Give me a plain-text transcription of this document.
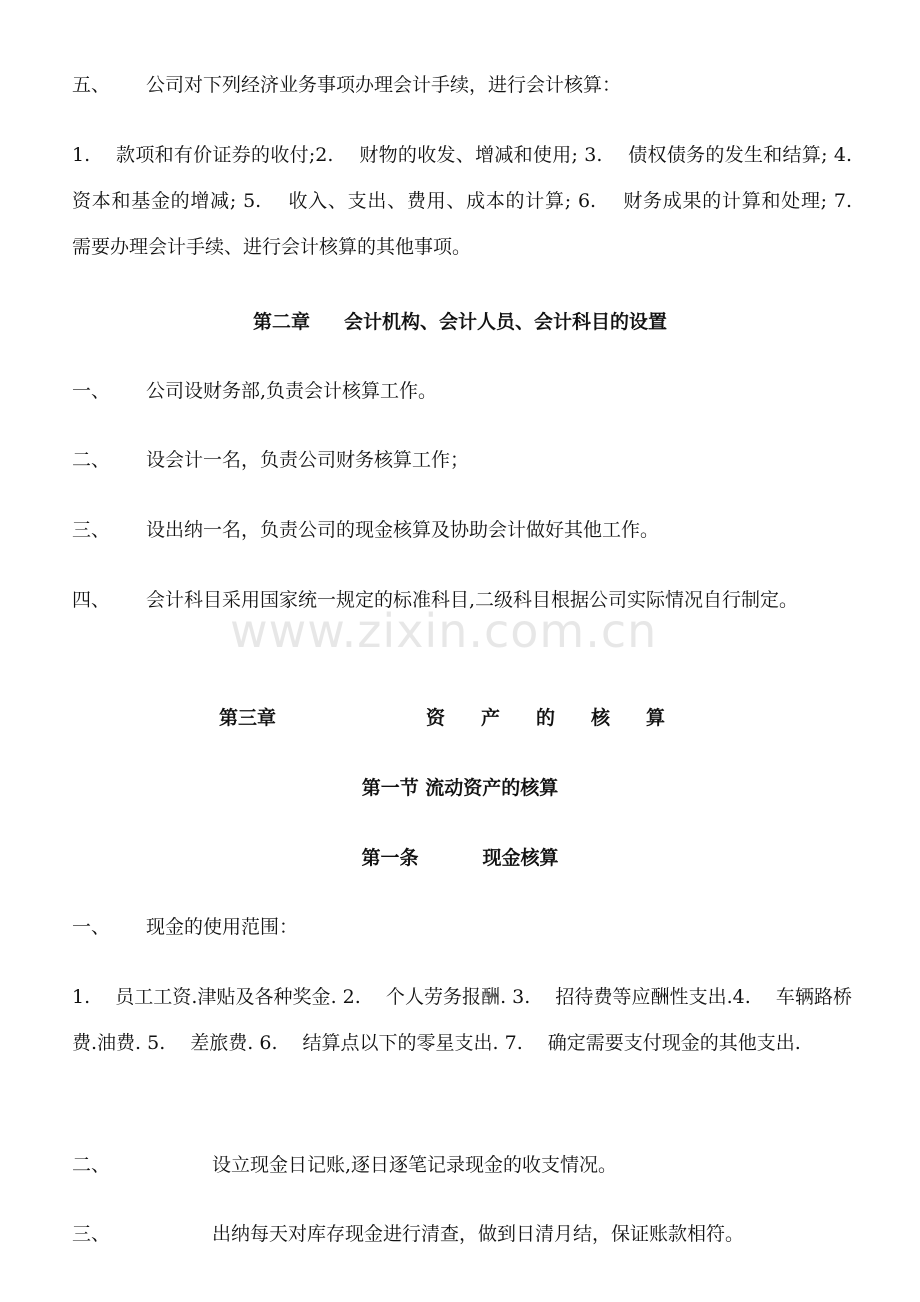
五、 公司对下列经济业务事项办理会计手续，进行会计核算：
1.　 款项和有价证券的收付;2.　 财物的收发、增减和使用; 3.　 债权债务的发生和结算; 4.　 资本和基金的增减; 5.　 收入、支出、费用、成本的计算; 6.　 财务成果的计算和处理; 7.　 需要办理会计手续、进行会计核算的其他事项。
第二章 会计机构、会计人员、会计科目的设置
一、 公司设财务部,负责会计核算工作。
二、 设会计一名，负责公司财务核算工作；
三、 设出纳一名，负责公司的现金核算及协助会计做好其他工作。
四、 会计科目采用国家统一规定的标准科目,二级科目根据公司实际情况自行制定。
第三章	资产的核算
第一节 流动资产的核算
第一条	现金核算
一、 现金的使用范围：
1.　 员工工资.津贴及各种奖金. 2.　 个人劳务报酬. 3.　 招待费等应酬性支出.4.　 车辆路桥费.油费. 5.　 差旅费. 6.　 结算点以下的零星支出. 7.　 确定需要支付现金的其他支出.
二、	设立现金日记账,逐日逐笔记录现金的收支情况。
三、	出纳每天对库存现金进行清查，做到日清月结，保证账款相符。
www.zixin.com.cn
